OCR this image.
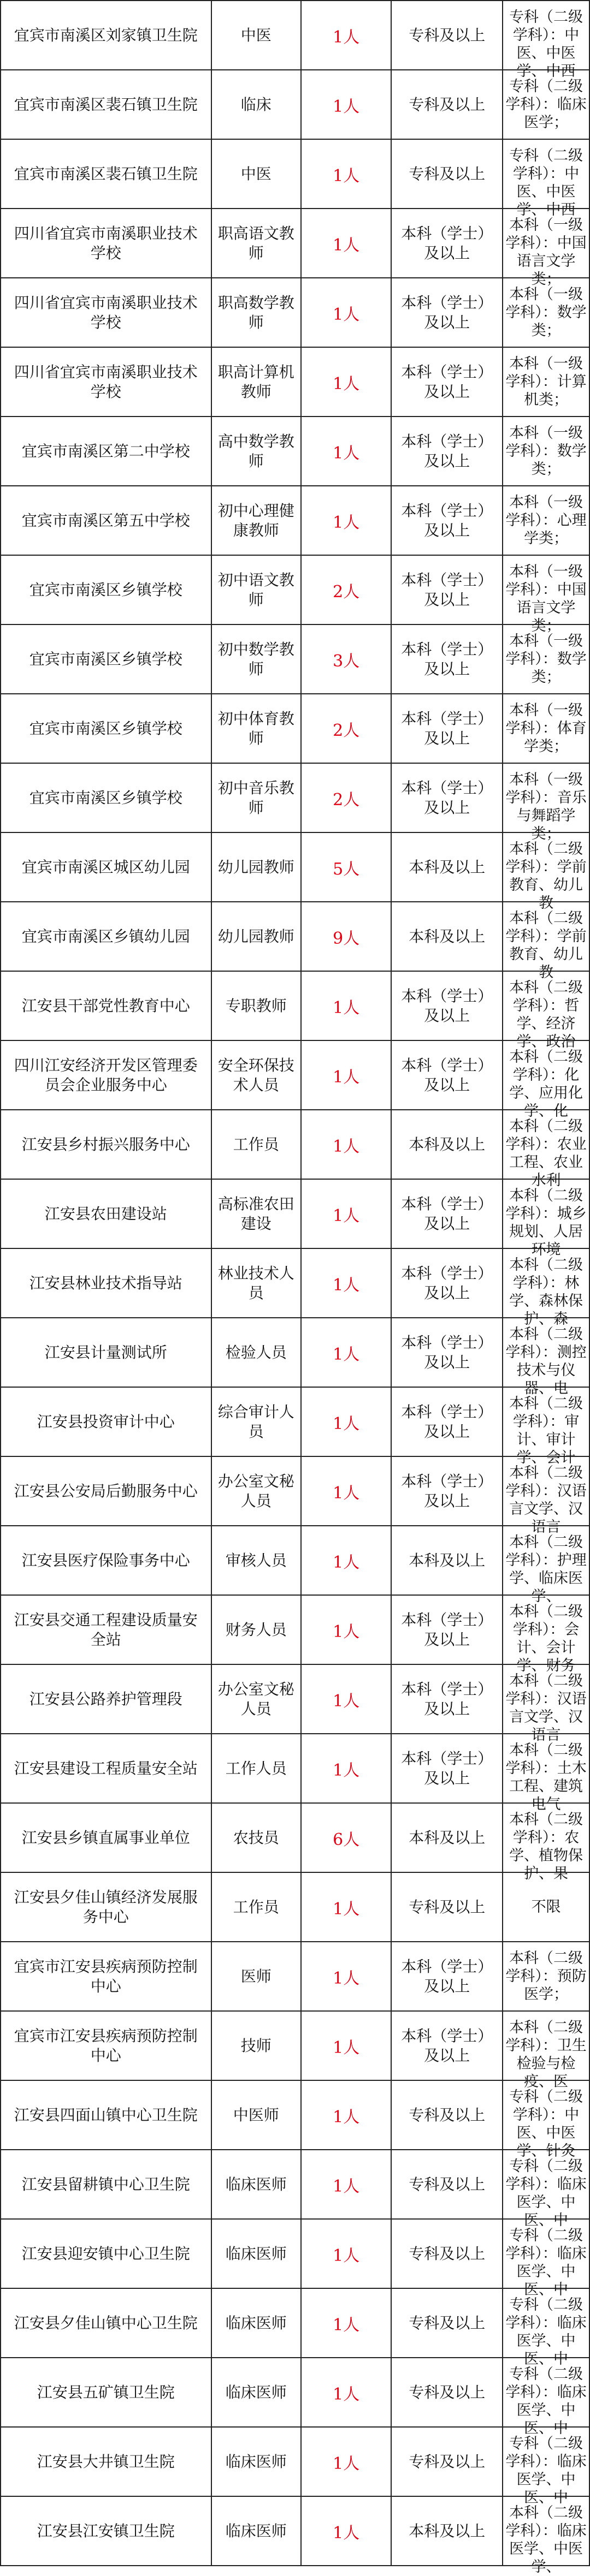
宜宾市南溪区刘家镇卫生院	中医	1人	专科及以上	专科（二级学科）：中医、中医学、中西

宜宾市南溪区裴石镇卫生院	临床	1人	专科及以上	专科（二级学科）：临床医学；

宜宾市南溪区裴石镇卫生院	中医	1人	专科及以上	专科（二级学科）：中医、中医学、中西

四川省宜宾市南溪职业技术学校	职高语文教师	1人	本科（学士）及以上	本科（一级学科）：中国语言文学类；

四川省宜宾市南溪职业技术学校	职高数学教师	1人	本科（学士）及以上	本科（一级学科）：数学类；

四川省宜宾市南溪职业技术学校	职高计算机教师	1人	本科（学士）及以上	本科（一级学科）：计算机类；

宜宾市南溪区第二中学校	高中数学教师	1人	本科（学士）及以上	本科（一级学科）：数学类；

宜宾市南溪区第五中学校	初中心理健康教师	1人	本科（学士）及以上	本科（一级学科）：心理学类；

宜宾市南溪区乡镇学校	初中语文教师	2人	本科（学士）及以上	本科（一级学科）：中国语言文学类；

宜宾市南溪区乡镇学校	初中数学教师	3人	本科（学士）及以上	本科（一级学科）：数学类；

宜宾市南溪区乡镇学校	初中体育教师	2人	本科（学士）及以上	本科（一级学科）：体育学类；

宜宾市南溪区乡镇学校	初中音乐教师	2人	本科（学士）及以上	本科（一级学科）：音乐与舞蹈学类；

宜宾市南溪区城区幼儿园	幼儿园教师	5人	本科及以上	本科（二级学科）：学前教育、幼儿教

宜宾市南溪区乡镇幼儿园	幼儿园教师	9人	本科及以上	本科（二级学科）：学前教育、幼儿教

江安县干部党性教育中心	专职教师	1人	本科（学士）及以上	本科（二级学科）：哲学、经济学、政治

四川江安经济开发区管理委员会企业服务中心	安全环保技术人员	1人	本科（学士）及以上	本科（二级学科）：化学、应用化学、化

江安县乡村振兴服务中心	工作员	1人	本科及以上	本科（二级学科）：农业工程、农业水利

江安县农田建设站	高标准农田建设	1人	本科（学士）及以上	本科（二级学科）：城乡规划、人居环境

江安县林业技术指导站	林业技术人员	1人	本科（学士）及以上	本科（二级学科）：林学、森林保护、森

江安县计量测试所	检验人员	1人	本科（学士）及以上	本科（二级学科）：测控技术与仪器、电

江安县投资审计中心	综合审计人员	1人	本科（学士）及以上	本科（二级学科）：审计、审计学、会计

江安县公安局后勤服务中心	办公室文秘人员	1人	本科（学士）及以上	本科（二级学科）：汉语言文学、汉语言

江安县医疗保险事务中心	审核人员	1人	本科及以上	本科（二级学科）：护理学、临床医学、

江安县交通工程建设质量安全站	财务人员	1人	本科（学士）及以上	本科（二级学科）：会计、会计学、财务

江安县公路养护管理段	办公室文秘人员	1人	本科（学士）及以上	本科（二级学科）：汉语言文学、汉语言

江安县建设工程质量安全站	工作人员	1人	本科（学士）及以上	本科（二级学科）：土木工程、建筑电气

江安县乡镇直属事业单位	农技员	6人	本科及以上	本科（二级学科）：农学、植物保护、果

江安县夕佳山镇经济发展服务中心	工作员	1人	专科及以上	不限

宜宾市江安县疾病预防控制中心	医师	1人	本科（学士）及以上	本科（二级学科）：预防医学；

宜宾市江安县疾病预防控制中心	技师	1人	本科（学士）及以上	本科（二级学科）：卫生检验与检疫、医

江安县四面山镇中心卫生院	中医师	1人	专科及以上	专科（二级学科）：中医、中医学、针灸

江安县留耕镇中心卫生院	临床医师	1人	专科及以上	专科（二级学科）：临床医学、中医、中

江安县迎安镇中心卫生院	临床医师	1人	专科及以上	专科（二级学科）：临床医学、中医、中

江安县夕佳山镇中心卫生院	临床医师	1人	专科及以上	专科（二级学科）：临床医学、中医、中

江安县五矿镇卫生院	临床医师	1人	专科及以上	专科（二级学科）：临床医学、中医、中

江安县大井镇卫生院	临床医师	1人	专科及以上	专科（二级学科）：临床医学、中医、中

江安县江安镇卫生院	临床医师	1人	本科及以上	本科（二级学科）：临床医学、中医学、
